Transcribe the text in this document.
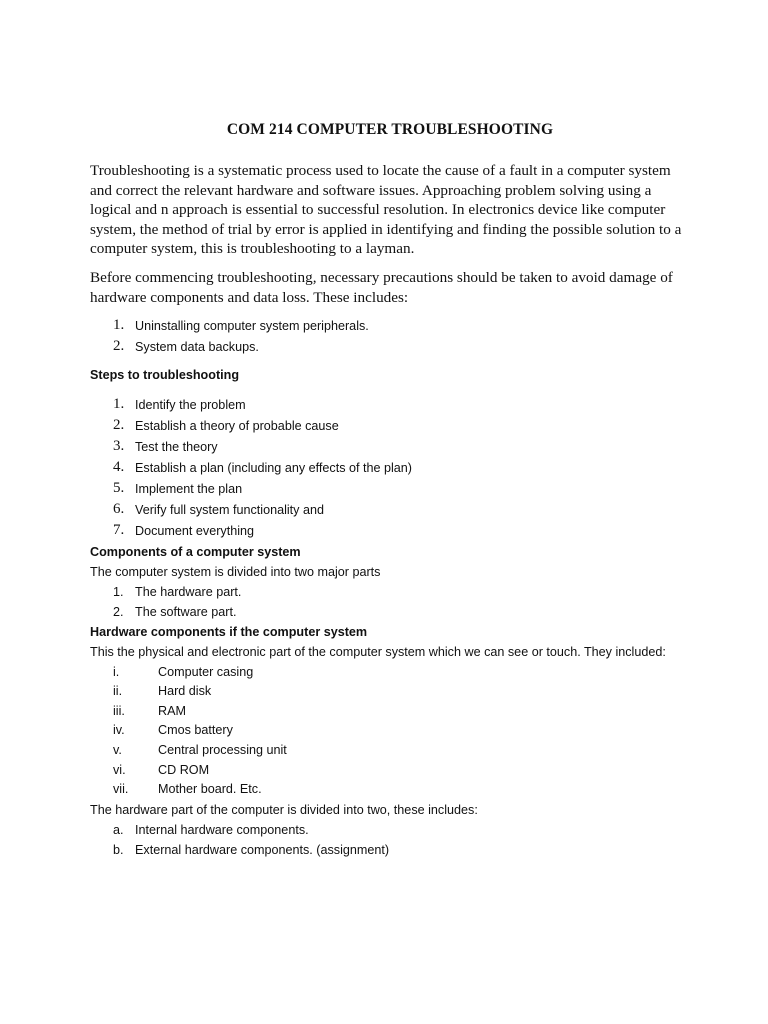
COM 214 COMPUTER TROUBLESHOOTING
Troubleshooting is a systematic process used to locate the cause of a fault in a computer system
and correct the relevant hardware and software issues. Approaching problem solving using a
logical and n approach is essential to successful resolution. In electronics device like computer
system, the method of trial by error is applied in identifying and finding the possible solution to a
computer system, this is troubleshooting to a layman.
Before commencing troubleshooting, necessary precautions should be taken to avoid damage of
hardware components and data loss. These includes:
1. Uninstalling computer system peripherals.
2. System data backups.
Steps to troubleshooting
1. Identify the problem
2. Establish a theory of probable cause
3. Test the theory
4. Establish a plan (including any effects of the plan)
5. Implement the plan
6. Verify full system functionality and
7. Document everything
Components of a computer system
The computer system is divided into two major parts
1. The hardware part.
2. The software part.
Hardware components if the computer system
This the physical and electronic part of the computer system which we can see or touch. They included:
i.	Computer casing
ii.	Hard disk
iii.	RAM
iv.	Cmos battery
v.	Central processing unit
vi.	CD ROM
vii. Mother board. Etc.
The hardware part of the computer is divided into two, these includes:
a. Internal hardware components.
b. External hardware components. (assignment)
